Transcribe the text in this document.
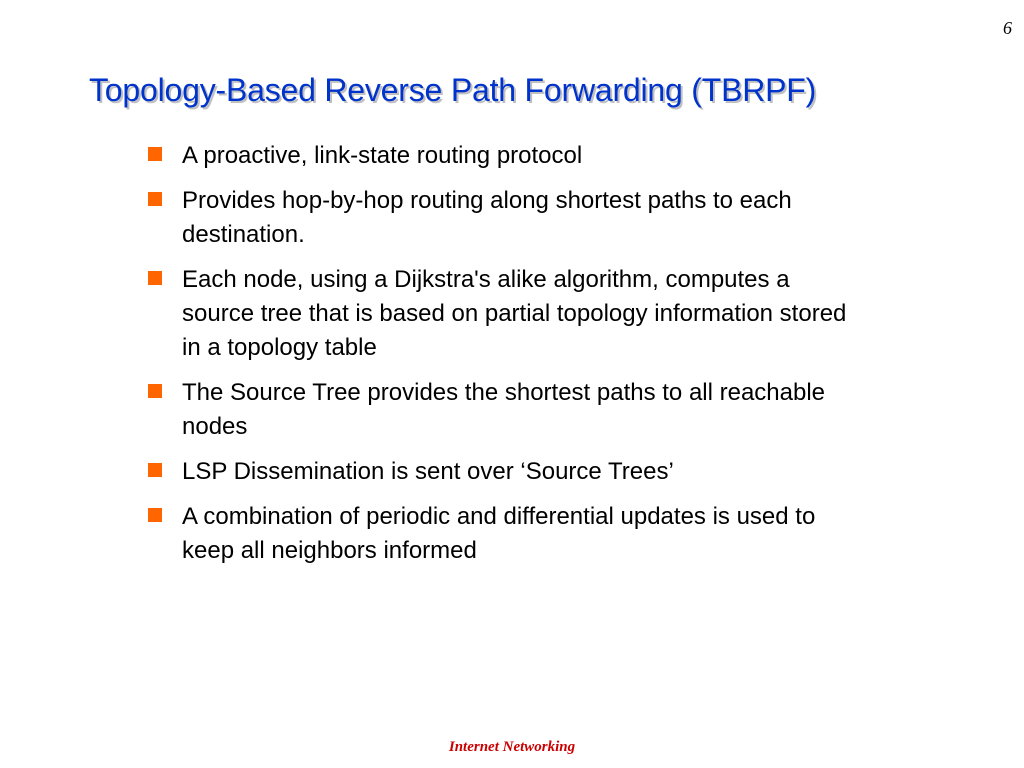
6
Topology-Based Reverse Path Forwarding (TBRPF)
A proactive, link-state routing protocol
Provides hop-by-hop routing along shortest paths to each destination.
Each node, using a Dijkstra's alike algorithm, computes a source tree that is based on partial topology information stored in a topology table
The Source Tree provides the shortest paths to all reachable nodes
LSP Dissemination is sent over ‘Source Trees’
A combination of periodic and differential updates is used to keep all neighbors informed
Internet Networking
